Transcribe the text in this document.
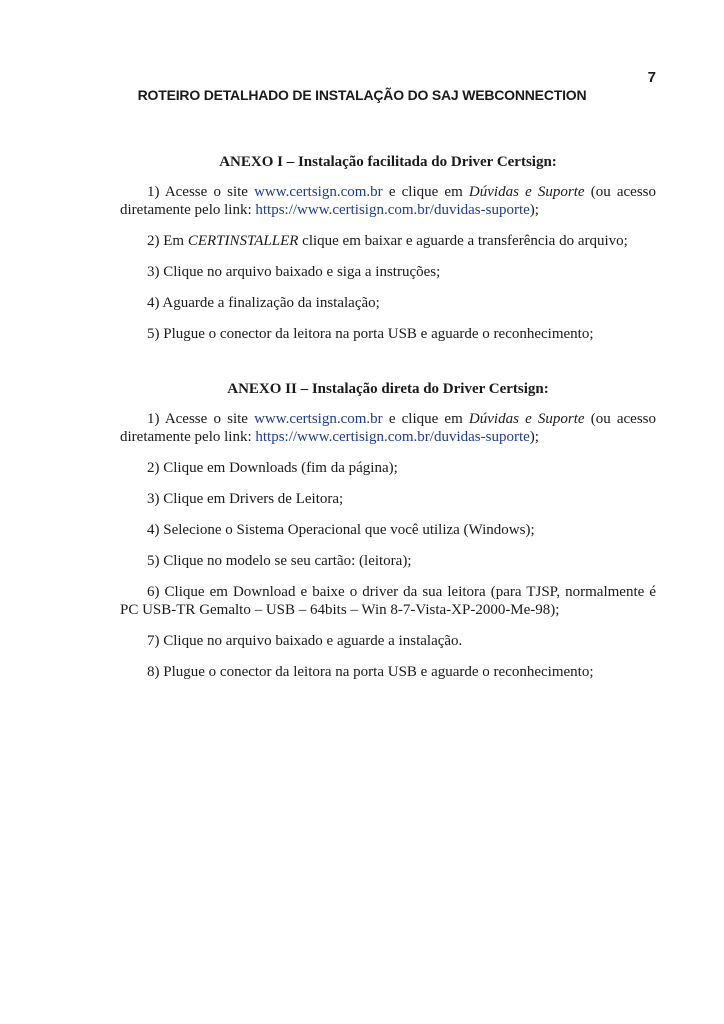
7
ROTEIRO DETALHADO DE INSTALAÇÃO DO SAJ WEBCONNECTION

ANEXO I – Instalação facilitada do Driver Certsign:

1) Acesse o site www.certsign.com.br e clique em Dúvidas e Suporte (ou acesso diretamente pelo link: https://www.certisign.com.br/duvidas-suporte);

2) Em CERTINSTALLER clique em baixar e aguarde a transferência do arquivo;

3) Clique no arquivo baixado e siga a instruções;

4) Aguarde a finalização da instalação;

5) Plugue o conector da leitora na porta USB e aguarde o reconhecimento;

ANEXO II – Instalação direta do Driver Certsign:

1) Acesse o site www.certsign.com.br e clique em Dúvidas e Suporte (ou acesso diretamente pelo link: https://www.certisign.com.br/duvidas-suporte);

2) Clique em Downloads (fim da página);

3) Clique em Drivers de Leitora;

4) Selecione o Sistema Operacional que você utiliza (Windows);

5) Clique no modelo se seu cartão: (leitora);

6) Clique em Download e baixe o driver da sua leitora (para TJSP, normalmente é PC USB-TR Gemalto – USB – 64bits – Win 8-7-Vista-XP-2000-Me-98);

7) Clique no arquivo baixado e aguarde a instalação.

8) Plugue o conector da leitora na porta USB e aguarde o reconhecimento;
